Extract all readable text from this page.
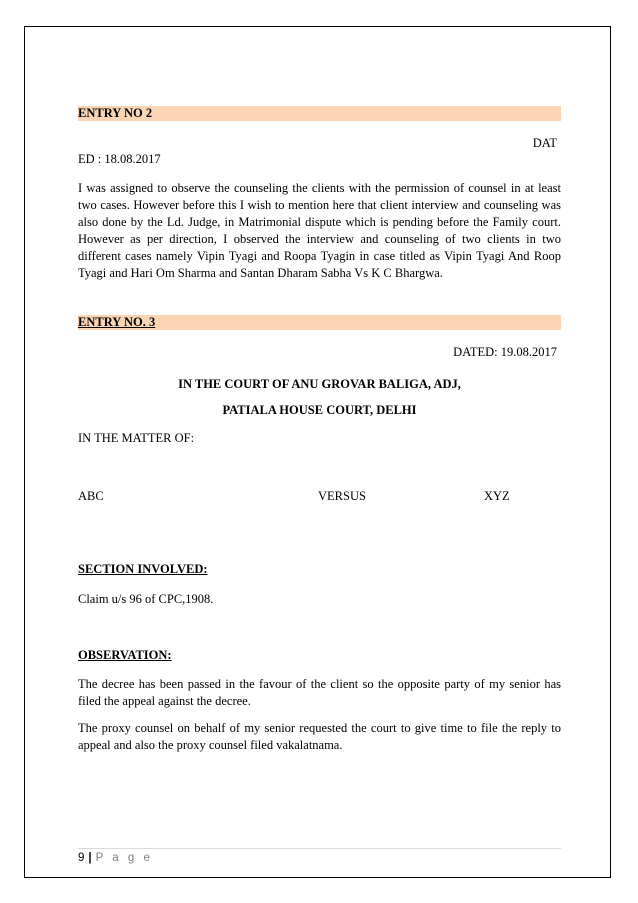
ENTRY NO 2
DAT
ED : 18.08.2017
I was assigned to observe the counseling the clients with the permission of counsel in at least two cases. However before this I wish to mention here that client interview and counseling was also done by the Ld. Judge, in Matrimonial dispute which is pending before the Family court. However as per direction, I observed the interview and counseling of two clients in two different cases namely Vipin Tyagi and Roopa Tyagin in case titled as Vipin Tyagi And Roop Tyagi and Hari Om Sharma and Santan Dharam Sabha Vs K C Bhargwa.
ENTRY NO. 3
DATED: 19.08.2017
IN THE COURT OF ANU GROVAR BALIGA, ADJ,
PATIALA HOUSE COURT, DELHI
IN THE MATTER OF:
ABC	VERSUS	XYZ
SECTION INVOLVED:
Claim u/s 96 of CPC,1908.
OBSERVATION:
The decree has been passed in the favour of the client so the opposite party of my senior has filed the appeal against the decree.
The proxy counsel on behalf of my senior requested the court to give time to file the reply to appeal and also the proxy counsel filed vakalatnama.
9 | P a g e
